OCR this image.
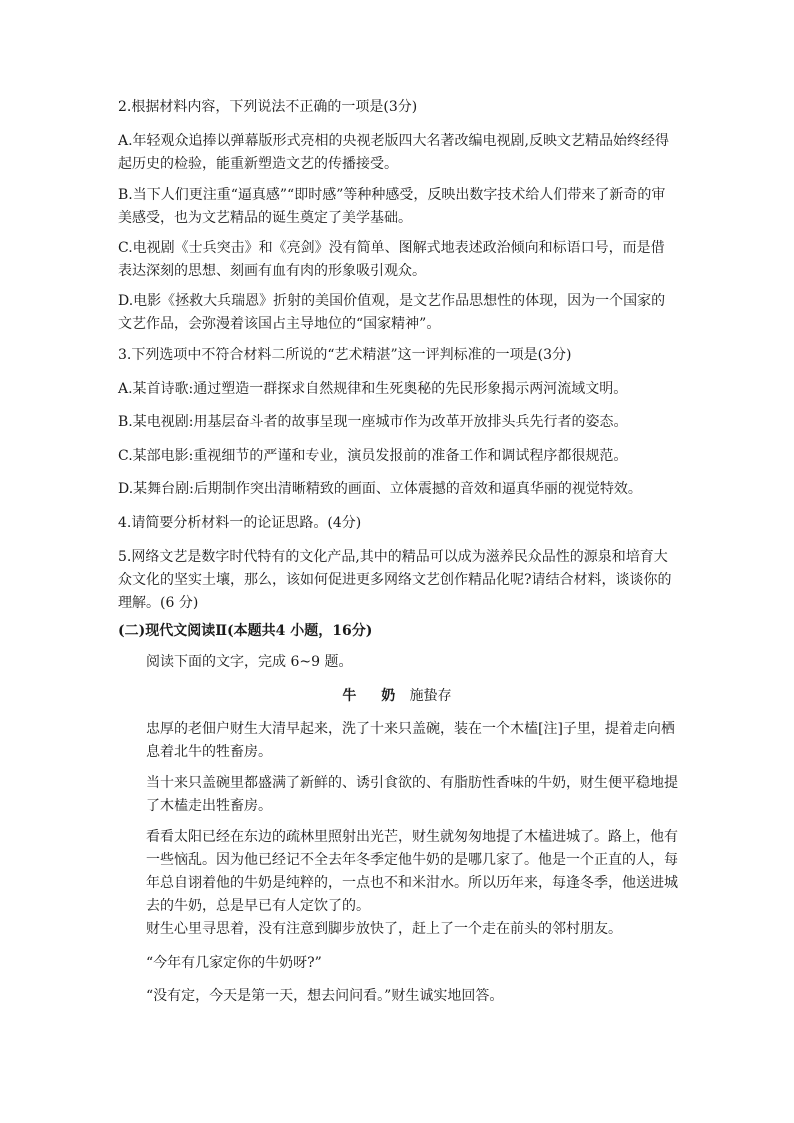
2.根据材料内容，下列说法不正确的一项是(3分)

A.年轻观众追捧以弹幕版形式亮相的央视老版四大名著改编电视剧,反映文艺精品始终经得起历史的检验，能重新塑造文艺的传播接受。

B.当下人们更注重“逼真感”“即时感”等种种感受，反映出数字技术给人们带来了新奇的审美感受，也为文艺精品的诞生奠定了美学基础。

C.电视剧《士兵突击》和《亮剑》没有简单、图解式地表述政治倾向和标语口号，而是借表达深刻的思想、刻画有血有肉的形象吸引观众。

D.电影《拯救大兵瑞恩》折射的美国价值观，是文艺作品思想性的体现，因为一个国家的文艺作品，会弥漫着该国占主导地位的“国家精神”。

3.下列选项中不符合材料二所说的“艺术精湛”这一评判标准的一项是(3分)

A.某首诗歌:通过塑造一群探求自然规律和生死奥秘的先民形象揭示两河流域文明。

B.某电视剧:用基层奋斗者的故事呈现一座城市作为改革开放排头兵先行者的姿态。

C.某部电影:重视细节的严谨和专业，演员发报前的准备工作和调试程序都很规范。

D.某舞台剧:后期制作突出清晰精致的画面、立体震撼的音效和逼真华丽的视觉特效。

4.请简要分析材料一的论证思路。(4分)

5.网络文艺是数字时代特有的文化产品,其中的精品可以成为滋养民众品性的源泉和培育大众文化的坚实土壤，那么，该如何促进更多网络文艺创作精品化呢?请结合材料，谈谈你的理解。(6 分)

(二)现代文阅读Ⅱ(本题共4 小题，16分)

阅读下面的文字，完成 6~9 题。

牛 奶 施蛰存

忠厚的老佃户财生大清早起来，洗了十来只盖碗，装在一个木榼[注]子里，提着走向栖息着北牛的牲畜房。

当十来只盖碗里都盛满了新鲜的、诱引食欲的、有脂肪性香味的牛奶，财生便平稳地提了木榼走出牲畜房。

看看太阳已经在东边的疏林里照射出光芒，财生就匆匆地提了木榼进城了。路上，他有一些恼乱。因为他已经记不全去年冬季定他牛奶的是哪几家了。他是一个正直的人，每年总自诩着他的牛奶是纯粹的，一点也不和米泔水。所以历年来，每逢冬季，他送进城去的牛奶，总是早已有人定饮了的。

财生心里寻思着，没有注意到脚步放快了，赶上了一个走在前头的邻村朋友。

“今年有几家定你的牛奶呀?”

“没有定，今天是第一天，想去问问看。”财生诚实地回答。
